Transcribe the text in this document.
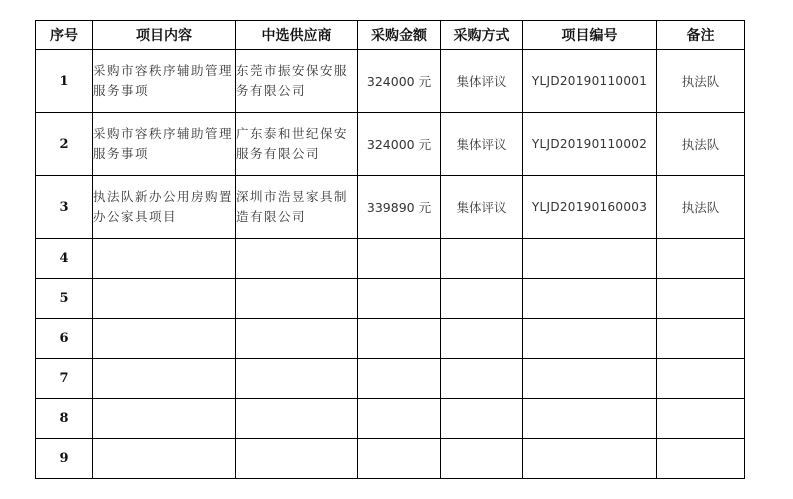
序号	项目内容	中选供应商	采购金额	采购方式	项目编号	备注
1	采购市容秩序辅助管理服务事项	东莞市振安保安服务有限公司	324000 元	集体评议	YLJD20190110001	执法队
2	采购市容秩序辅助管理服务事项	广东泰和世纪保安服务有限公司	324000 元	集体评议	YLJD20190110002	执法队
3	执法队新办公用房购置办公家具项目	深圳市浩昱家具制造有限公司	339890 元	集体评议	YLJD20190160003	执法队
4						
5						
6						
7						
8						
9						
